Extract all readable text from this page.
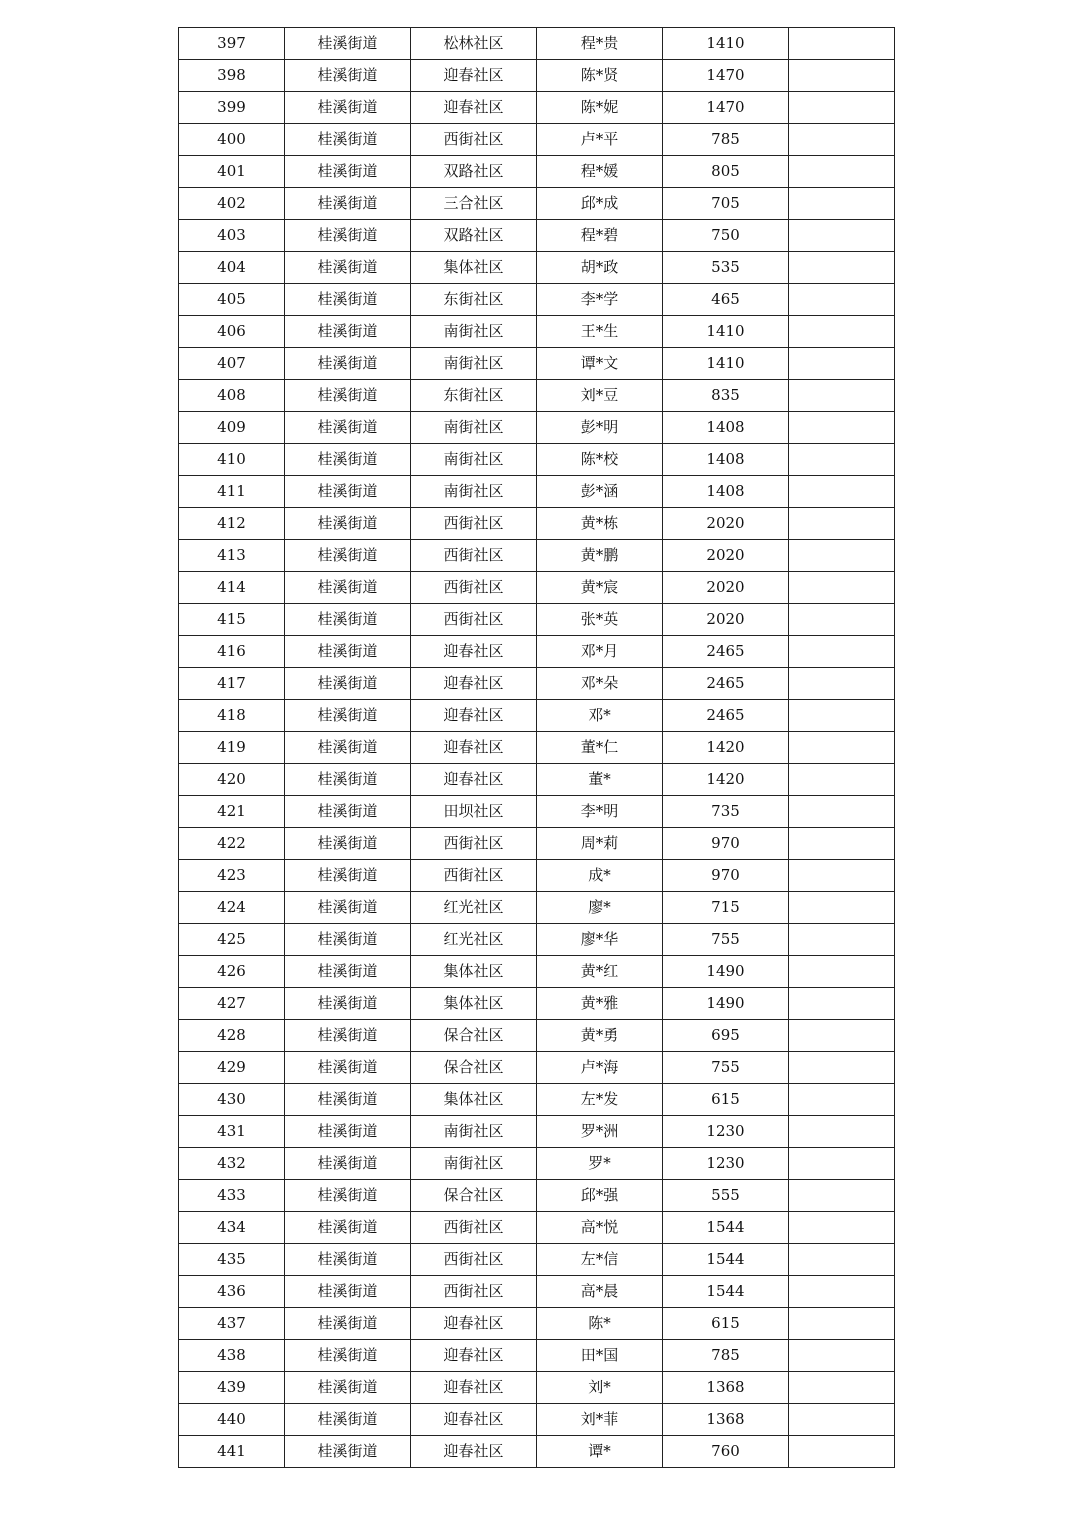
397	桂溪街道	松林社区	程*贵	1410	
398	桂溪街道	迎春社区	陈*贤	1470	
399	桂溪街道	迎春社区	陈*妮	1470	
400	桂溪街道	西街社区	卢*平	785	
401	桂溪街道	双路社区	程*媛	805	
402	桂溪街道	三合社区	邱*成	705	
403	桂溪街道	双路社区	程*碧	750	
404	桂溪街道	集体社区	胡*政	535	
405	桂溪街道	东街社区	李*学	465	
406	桂溪街道	南街社区	王*生	1410	
407	桂溪街道	南街社区	谭*文	1410	
408	桂溪街道	东街社区	刘*豆	835	
409	桂溪街道	南街社区	彭*明	1408	
410	桂溪街道	南街社区	陈*校	1408	
411	桂溪街道	南街社区	彭*涵	1408	
412	桂溪街道	西街社区	黄*栋	2020	
413	桂溪街道	西街社区	黄*鹏	2020	
414	桂溪街道	西街社区	黄*宸	2020	
415	桂溪街道	西街社区	张*英	2020	
416	桂溪街道	迎春社区	邓*月	2465	
417	桂溪街道	迎春社区	邓*朵	2465	
418	桂溪街道	迎春社区	邓*	2465	
419	桂溪街道	迎春社区	董*仁	1420	
420	桂溪街道	迎春社区	董*	1420	
421	桂溪街道	田坝社区	李*明	735	
422	桂溪街道	西街社区	周*莉	970	
423	桂溪街道	西街社区	成*	970	
424	桂溪街道	红光社区	廖*	715	
425	桂溪街道	红光社区	廖*华	755	
426	桂溪街道	集体社区	黄*红	1490	
427	桂溪街道	集体社区	黄*雅	1490	
428	桂溪街道	保合社区	黄*勇	695	
429	桂溪街道	保合社区	卢*海	755	
430	桂溪街道	集体社区	左*发	615	
431	桂溪街道	南街社区	罗*洲	1230	
432	桂溪街道	南街社区	罗*	1230	
433	桂溪街道	保合社区	邱*强	555	
434	桂溪街道	西街社区	高*悦	1544	
435	桂溪街道	西街社区	左*信	1544	
436	桂溪街道	西街社区	高*晨	1544	
437	桂溪街道	迎春社区	陈*	615	
438	桂溪街道	迎春社区	田*国	785	
439	桂溪街道	迎春社区	刘*	1368	
440	桂溪街道	迎春社区	刘*菲	1368	
441	桂溪街道	迎春社区	谭*	760	
